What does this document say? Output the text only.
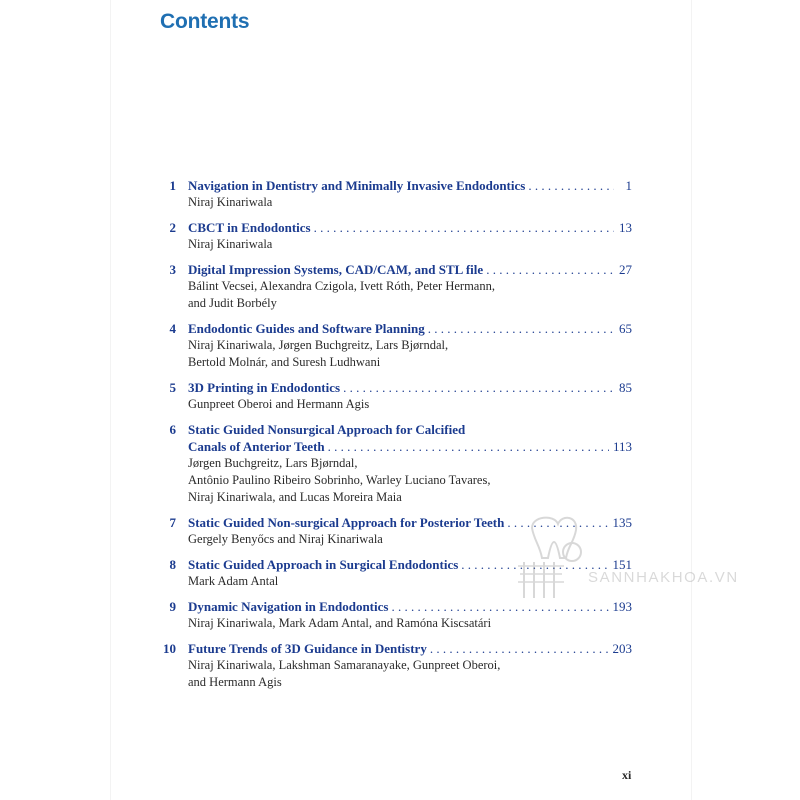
Contents
1 Navigation in Dentistry and Minimally Invasive Endodontics . . .	1
Niraj Kinariwala
2 CBCT in Endodontics . . .	13
Niraj Kinariwala
3 Digital Impression Systems, CAD/CAM, and STL file . . .	27
Bálint Vecsei, Alexandra Czigola, Ivett Róth, Peter Hermann,
and Judit Borbély
4 Endodontic Guides and Software Planning . . .	65
Niraj Kinariwala, Jørgen Buchgreitz, Lars Bjørndal,
Bertold Molnár, and Suresh Ludhwani
5 3D Printing in Endodontics . . .	85
Gunpreet Oberoi and Hermann Agis
6 Static Guided Nonsurgical Approach for Calcified
Canals of Anterior Teeth . . .	113
Jørgen Buchgreitz, Lars Bjørndal,
Antônio Paulino Ribeiro Sobrinho, Warley Luciano Tavares,
Niraj Kinariwala, and Lucas Moreira Maia
7 Static Guided Non-surgical Approach for Posterior Teeth . . .	135
Gergely Benyőcs and Niraj Kinariwala
8 Static Guided Approach in Surgical Endodontics . . .	151
Mark Adam Antal
9 Dynamic Navigation in Endodontics . . .	193
Niraj Kinariwala, Mark Adam Antal, and Ramóna Kiscsatári
10 Future Trends of 3D Guidance in Dentistry . . .	203
Niraj Kinariwala, Lakshman Samaranayake, Gunpreet Oberoi,
and Hermann Agis
xi
SANNHAKHOA.VN
